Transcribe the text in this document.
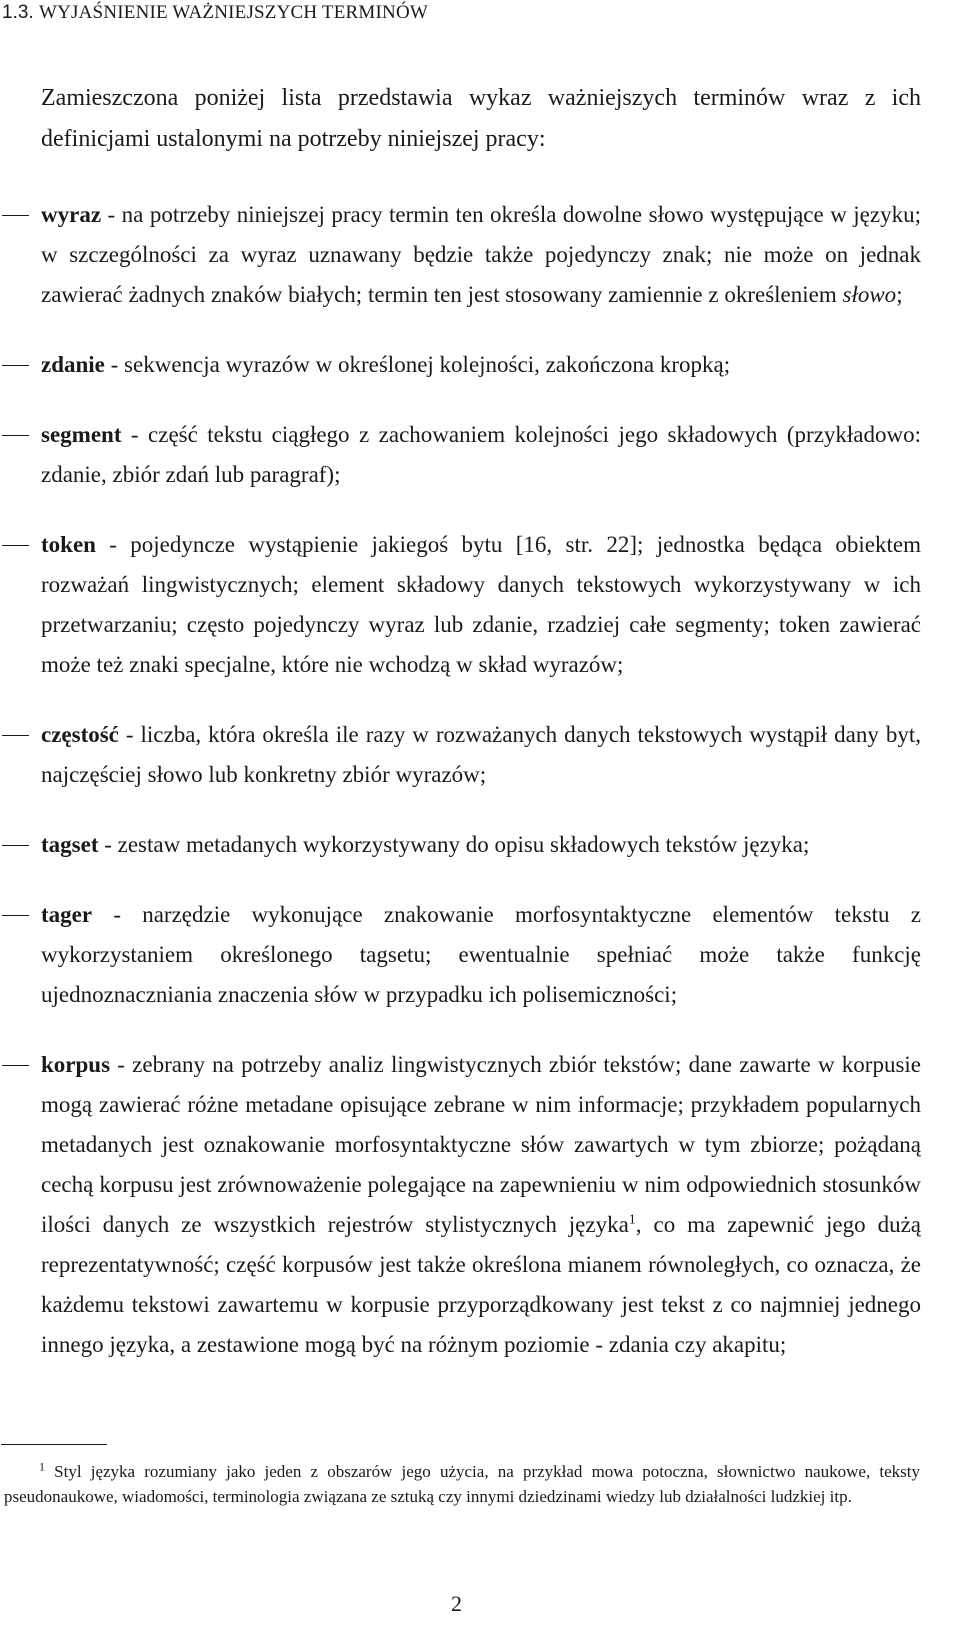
1.3. WYJAŚNIENIE WAŻNIEJSZYCH TERMINÓW

Zamieszczona poniżej lista przedstawia wykaz ważniejszych terminów wraz z ich definicjami ustalonymi na potrzeby niniejszej pracy:

wyraz - na potrzeby niniejszej pracy termin ten określa dowolne słowo występujące w języku; w szczególności za wyraz uznawany będzie także pojedynczy znak; nie może on jednak zawierać żadnych znaków białych; termin ten jest stosowany zamiennie z określeniem słowo;
zdanie - sekwencja wyrazów w określonej kolejności, zakończona kropką;
segment - część tekstu ciągłego z zachowaniem kolejności jego składowych (przykładowo: zdanie, zbiór zdań lub paragraf);
token - pojedyncze wystąpienie jakiegoś bytu [16, str. 22]; jednostka będąca obiektem rozważań lingwistycznych; element składowy danych tekstowych wykorzystywany w ich przetwarzaniu; często pojedynczy wyraz lub zdanie, rzadziej całe segmenty; token zawierać może też znaki specjalne, które nie wchodzą w skład wyrazów;
częstość - liczba, która określa ile razy w rozważanych danych tekstowych wystąpił dany byt, najczęściej słowo lub konkretny zbiór wyrazów;
tagset - zestaw metadanych wykorzystywany do opisu składowych tekstów języka;
tager - narzędzie wykonujące znakowanie morfosyntaktyczne elementów tekstu z wykorzystaniem określonego tagsetu; ewentualnie spełniać może także funkcję ujednoznaczniania znaczenia słów w przypadku ich polisemiczności;
korpus - zebrany na potrzeby analiz lingwistycznych zbiór tekstów; dane zawarte w korpusie mogą zawierać różne metadane opisujące zebrane w nim informacje; przykładem popularnych metadanych jest oznakowanie morfosyntaktyczne słów zawartych w tym zbiorze; pożądaną cechą korpusu jest zrównoważenie polegające na zapewnieniu w nim odpowiednich stosunków ilości danych ze wszystkich rejestrów stylistycznych języka$^1$, co ma zapewnić jego dużą reprezentatywność; część korpusów jest także określona mianem równoległych, co oznacza, że każdemu tekstowi zawartemu w korpusie przyporządkowany jest tekst z co najmniej jednego innego języka, a zestawione mogą być na różnym poziomie - zdania czy akapitu;

$^1$ Styl języka rozumiany jako jeden z obszarów jego użycia, na przykład mowa potoczna, słownictwo naukowe, teksty pseudonaukowe, wiadomości, terminologia związana ze sztuką czy innymi dziedzinami wiedzy lub działalności ludzkiej itp.

2
